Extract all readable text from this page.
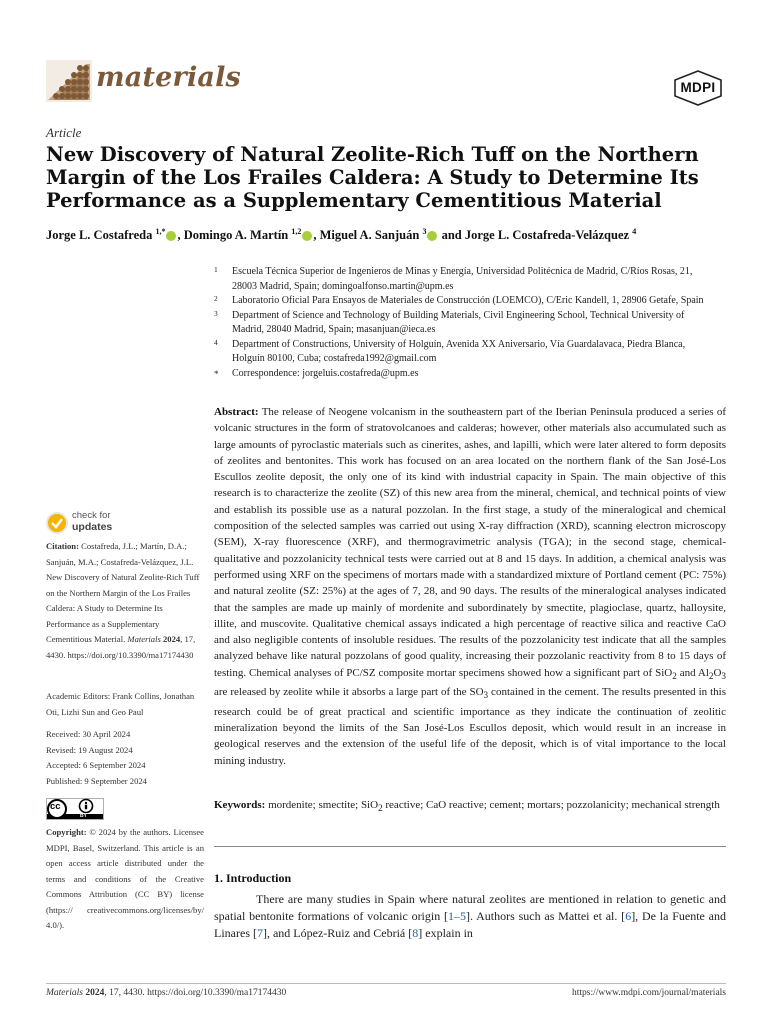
materials	MDPI
Article
New Discovery of Natural Zeolite-Rich Tuff on the Northern Margin of the Los Frailes Caldera: A Study to Determine Its Performance as a Supplementary Cementitious Material
Jorge L. Costafreda $^{1,*}$ , Domingo A. Martín $^{1,2}$ , Miguel A. Sanjuán $^3$ and Jorge L. Costafreda-Velázquez $^4$
1 Escuela Técnica Superior de Ingenieros de Minas y Energía, Universidad Politécnica de Madrid, C/Ríos Rosas, 21, 28003 Madrid, Spain; domingoalfonso.martin@upm.es
2 Laboratorio Oficial Para Ensayos de Materiales de Construcción (LOEMCO), C/Eric Kandell, 1, 28906 Getafe, Spain
3 Department of Science and Technology of Building Materials, Civil Engineering School, Technical University of Madrid, 28040 Madrid, Spain; masanjuan@ieca.es
4 Department of Constructions, University of Holguín, Avenida XX Aniversario, Vía Guardalavaca, Piedra Blanca, Holguín 80100, Cuba; costafreda1992@gmail.com
* Correspondence: jorgeluis.costafreda@upm.es
Abstract: The release of Neogene volcanism in the southeastern part of the Iberian Peninsula produced a series of volcanic structures in the form of stratovolcanoes and calderas; however, other materials also accumulated such as large amounts of pyroclastic materials such as cinerites, ashes, and lapilli, which were later altered to form deposits of zeolites and bentonites. This work has focused on an area located on the northern flank of the San José-Los Escullos zeolite deposit, the only one of its kind with industrial capacity in Spain. The main objective of this research is to characterize the zeolite (SZ) of this new area from the mineral, chemical, and technical points of view and establish its possible use as a natural pozzolan. In the first stage, a study of the mineralogical and chemical composition of the selected samples was carried out using X-ray diffraction (XRD), scanning electron microscopy (SEM), X-ray fluorescence (XRF), and thermogravimetric analysis (TGA); in the second stage, chemical-qualitative and pozzolanicity technical tests were carried out at 8 and 15 days. In addition, a chemical analysis was performed using XRF on the specimens of mortars made with a standardized mixture of Portland cement (PC: 75%) and natural zeolite (SZ: 25%) at the ages of 7, 28, and 90 days. The results of the mineralogical analyses indicated that the samples are made up mainly of mordenite and subordinately by smectite, plagioclase, quartz, halloysite, illite, and muscovite. Qualitative chemical assays indicated a high percentage of reactive silica and reactive CaO and also negligible contents of insoluble residues. The results of the pozzolanicity test indicate that all the samples analyzed behave like natural pozzolans of good quality, increasing their pozzolanic reactivity from 8 to 15 days of testing. Chemical analyses of PC/SZ composite mortar specimens showed how a significant part of SiO$_2$ and $Al_2O_3$ are released by zeolite while it absorbs a large part of the $SO_3$ contained in the cement. The results presented in this research could be of great practical and scientific importance as they indicate the continuation of zeolitic mineralization beyond the limits of the San José-Los Escullos deposit, which would result in an increase in geological reserves and the extension of the useful life of the deposit, which is of vital importance to the local mining industry.
Keywords: mordenite; smectite; SiO$_2$ reactive; CaO reactive; cement; mortars; pozzolanicity; mechanical strength
check for
updates
Citation: Costafreda, J.L.; Martín, D.A.; Sanjuán, M.A.; Costafreda-Velázquez, J.L. New Discovery of Natural Zeolite-Rich Tuff on the Northern Margin of the Los Frailes Caldera: A Study to Determine Its Performance as a Supplementary Cementitious Material. Materials 2024, 17, 4430. https://doi.org/10.3390/ma17174430
Academic Editors: Frank Collins, Jonathan Oti, Lizhi Sun and Geo Paul
Received: 30 April 2024
Revised: 19 August 2024
Accepted: 6 September 2024
Published: 9 September 2024
cc
BY
Copyright: © 2024 by the authors. Licensee MDPI, Basel, Switzerland. This article is an open access article distributed under the terms and conditions of the Creative Commons Attribution (CC BY) license (https:// creativecommons.org/licenses/by/ 4.0/).
1. Introduction
There are many studies in Spain where natural zeolites are mentioned in relation to genetic and spatial bentonite formations of volcanic origin [1–5]. Authors such as Mattei et al. [6], De la Fuente and Linares [7], and López-Ruiz and Cebriá [8] explain in
Materials 2024, 17, 4430. https://doi.org/10.3390/ma17174430	https://www.mdpi.com/journal/materials
